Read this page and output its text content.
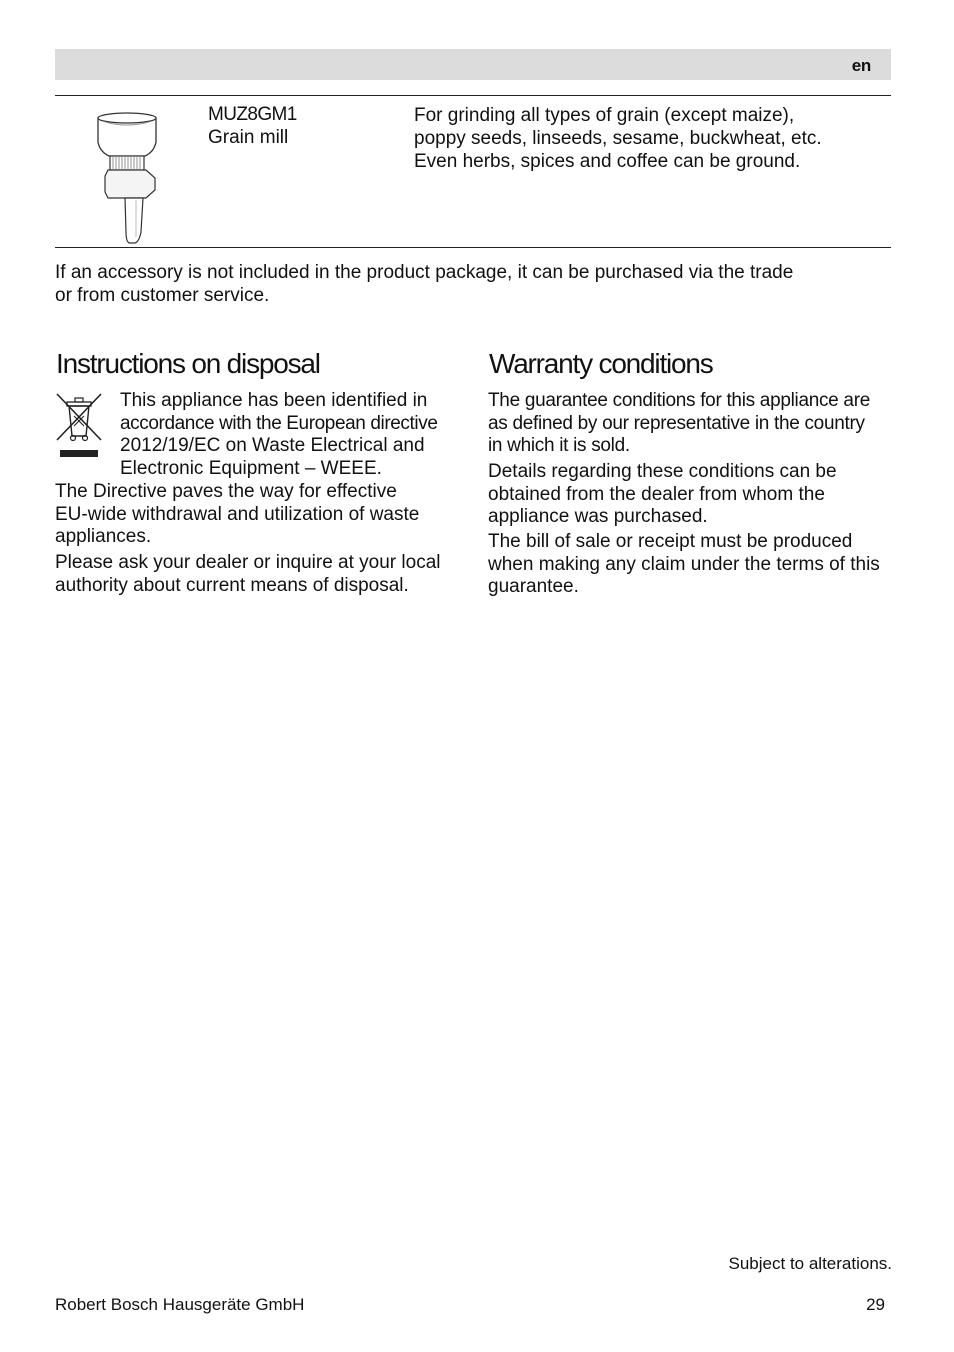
en
MUZ8GM1
Grain mill
For grinding all types of grain (except maize),
poppy seeds, linseeds, sesame, buckwheat, etc.
Even herbs, spices and coffee can be ground.
If an accessory is not included in the product package, it can be purchased via the trade
or from customer service.
Instructions on disposal
This appliance has been identified in
accordance with the European directive
2012/19/EC on Waste Electrical and
Electronic Equipment – WEEE.
The Directive paves the way for effective
EU-wide withdrawal and utilization of waste
appliances.
Please ask your dealer or inquire at your local
authority about current means of disposal.
Warranty conditions
The guarantee conditions for this appliance are
as defined by our representative in the country
in which it is sold.
Details regarding these conditions can be
obtained from the dealer from whom the
appliance was purchased.
The bill of sale or receipt must be produced
when making any claim under the terms of this
guarantee.
Subject to alterations.
Robert Bosch Hausgeräte GmbH	29
